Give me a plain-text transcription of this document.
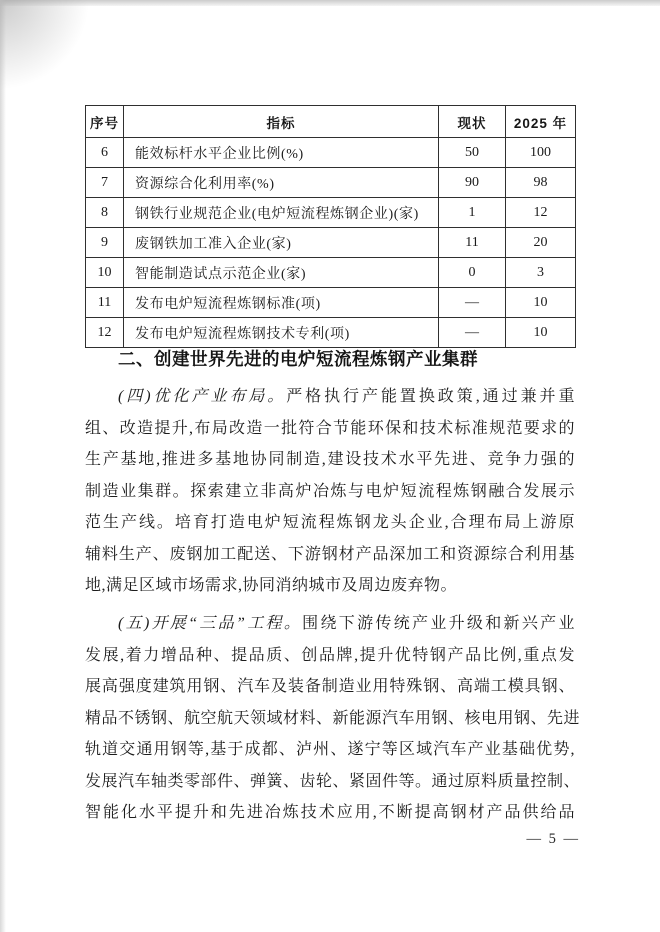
序号	指标	现状	2025 年
6	能效标杆水平企业比例(%)	50	100
7	资源综合化利用率(%)	90	98
8	钢铁行业规范企业(电炉短流程炼钢企业)(家)	1	12
9	废钢铁加工准入企业(家)	11	20
10	智能制造试点示范企业(家)	0	3
11	发布电炉短流程炼钢标准(项)	—	10
12	发布电炉短流程炼钢技术专利(项)	—	10
二、创建世界先进的电炉短流程炼钢产业集群
(四)优化产业布局。严格执行产能置换政策,通过兼并重
组、改造提升,布局改造一批符合节能环保和技术标准规范要求的
生产基地,推进多基地协同制造,建设技术水平先进、竞争力强的
制造业集群。探索建立非高炉冶炼与电炉短流程炼钢融合发展示
范生产线。培育打造电炉短流程炼钢龙头企业,合理布局上游原
辅料生产、废钢加工配送、下游钢材产品深加工和资源综合利用基
地,满足区域市场需求,协同消纳城市及周边废弃物。
(五)开展“三品”工程。围绕下游传统产业升级和新兴产业
发展,着力增品种、提品质、创品牌,提升优特钢产品比例,重点发
展高强度建筑用钢、汽车及装备制造业用特殊钢、高端工模具钢、
精品不锈钢、航空航天领域材料、新能源汽车用钢、核电用钢、先进
轨道交通用钢等,基于成都、泸州、遂宁等区域汽车产业基础优势,
发展汽车轴类零部件、弹簧、齿轮、紧固件等。通过原料质量控制、
智能化水平提升和先进冶炼技术应用,不断提高钢材产品供给品
— 5 —
